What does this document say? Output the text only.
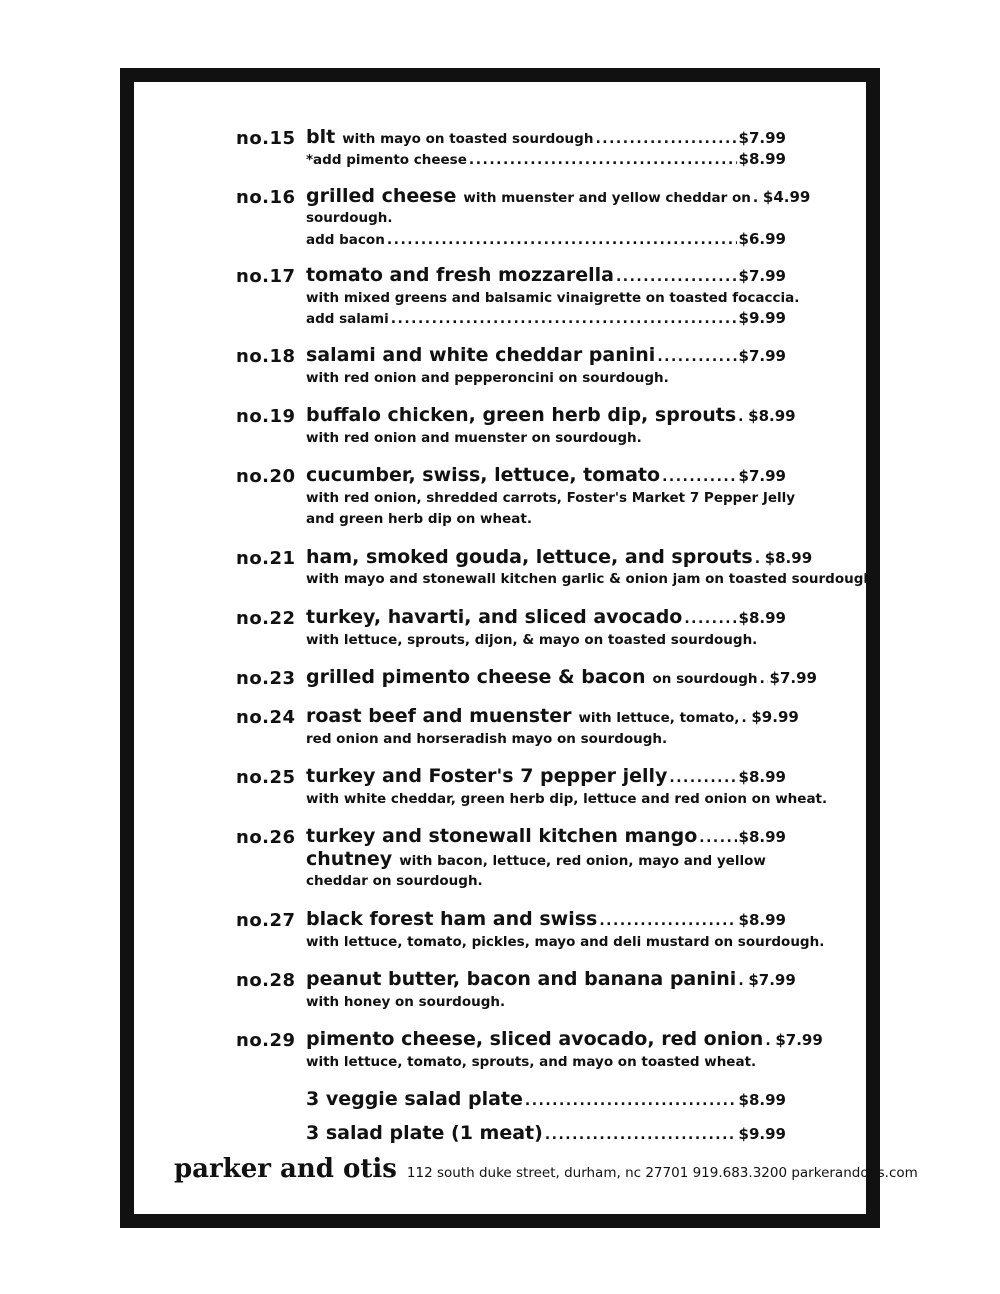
no.15 blt with mayo on toasted sourdough .....	$7.99
*add pimento cheese .....	$8.99
no.16 grilled cheese with muenster and yellow cheddar on ..... $4.99
sourdough.
add bacon .....	$6.99
no.17 tomato and fresh mozzarella .....	$7.99
with mixed greens and balsamic vinaigrette on toasted focaccia.
add salami .....	$9.99
no.18 salami and white cheddar panini .....	$7.99
with red onion and pepperoncini on sourdough.
no.19 buffalo chicken, green herb dip, sprouts ..... $8.99
with red onion and muenster on sourdough.
no.20 cucumber, swiss, lettuce, tomato .....	$7.99
with red onion, shredded carrots, Foster's Market 7 Pepper Jelly
and green herb dip on wheat.
no.21 ham, smoked gouda, lettuce, and sprouts ..... $8.99
with mayo and stonewall kitchen garlic & onion jam on toasted sourdough.
no.22 turkey, havarti, and sliced avocado .....	$8.99
with lettuce, sprouts, dijon, & mayo on toasted sourdough.
no.23 grilled pimento cheese & bacon on sourdough ..... $7.99
no.24 roast beef and muenster with lettuce, tomato, ..... $9.99
red onion and horseradish mayo on sourdough.
no.25 turkey and Foster's 7 pepper jelly .....	$8.99
with white cheddar, green herb dip, lettuce and red onion on wheat.
no.26 turkey and stonewall kitchen mango .....	$8.99
chutney with bacon, lettuce, red onion, mayo and yellow
cheddar on sourdough.
no.27 black forest ham and swiss .....	$8.99
with lettuce, tomato, pickles, mayo and deli mustard on sourdough.
no.28 peanut butter, bacon and banana panini ..... $7.99
with honey on sourdough.
no.29 pimento cheese, sliced avocado, red onion ..... $7.99
with lettuce, tomato, sprouts, and mayo on toasted wheat.
3 veggie salad plate .....	$8.99
3 salad plate (1 meat) .....	$9.99
parker and otis 112 south duke street, durham, nc 27701 919.683.3200 parkerandotis.com
